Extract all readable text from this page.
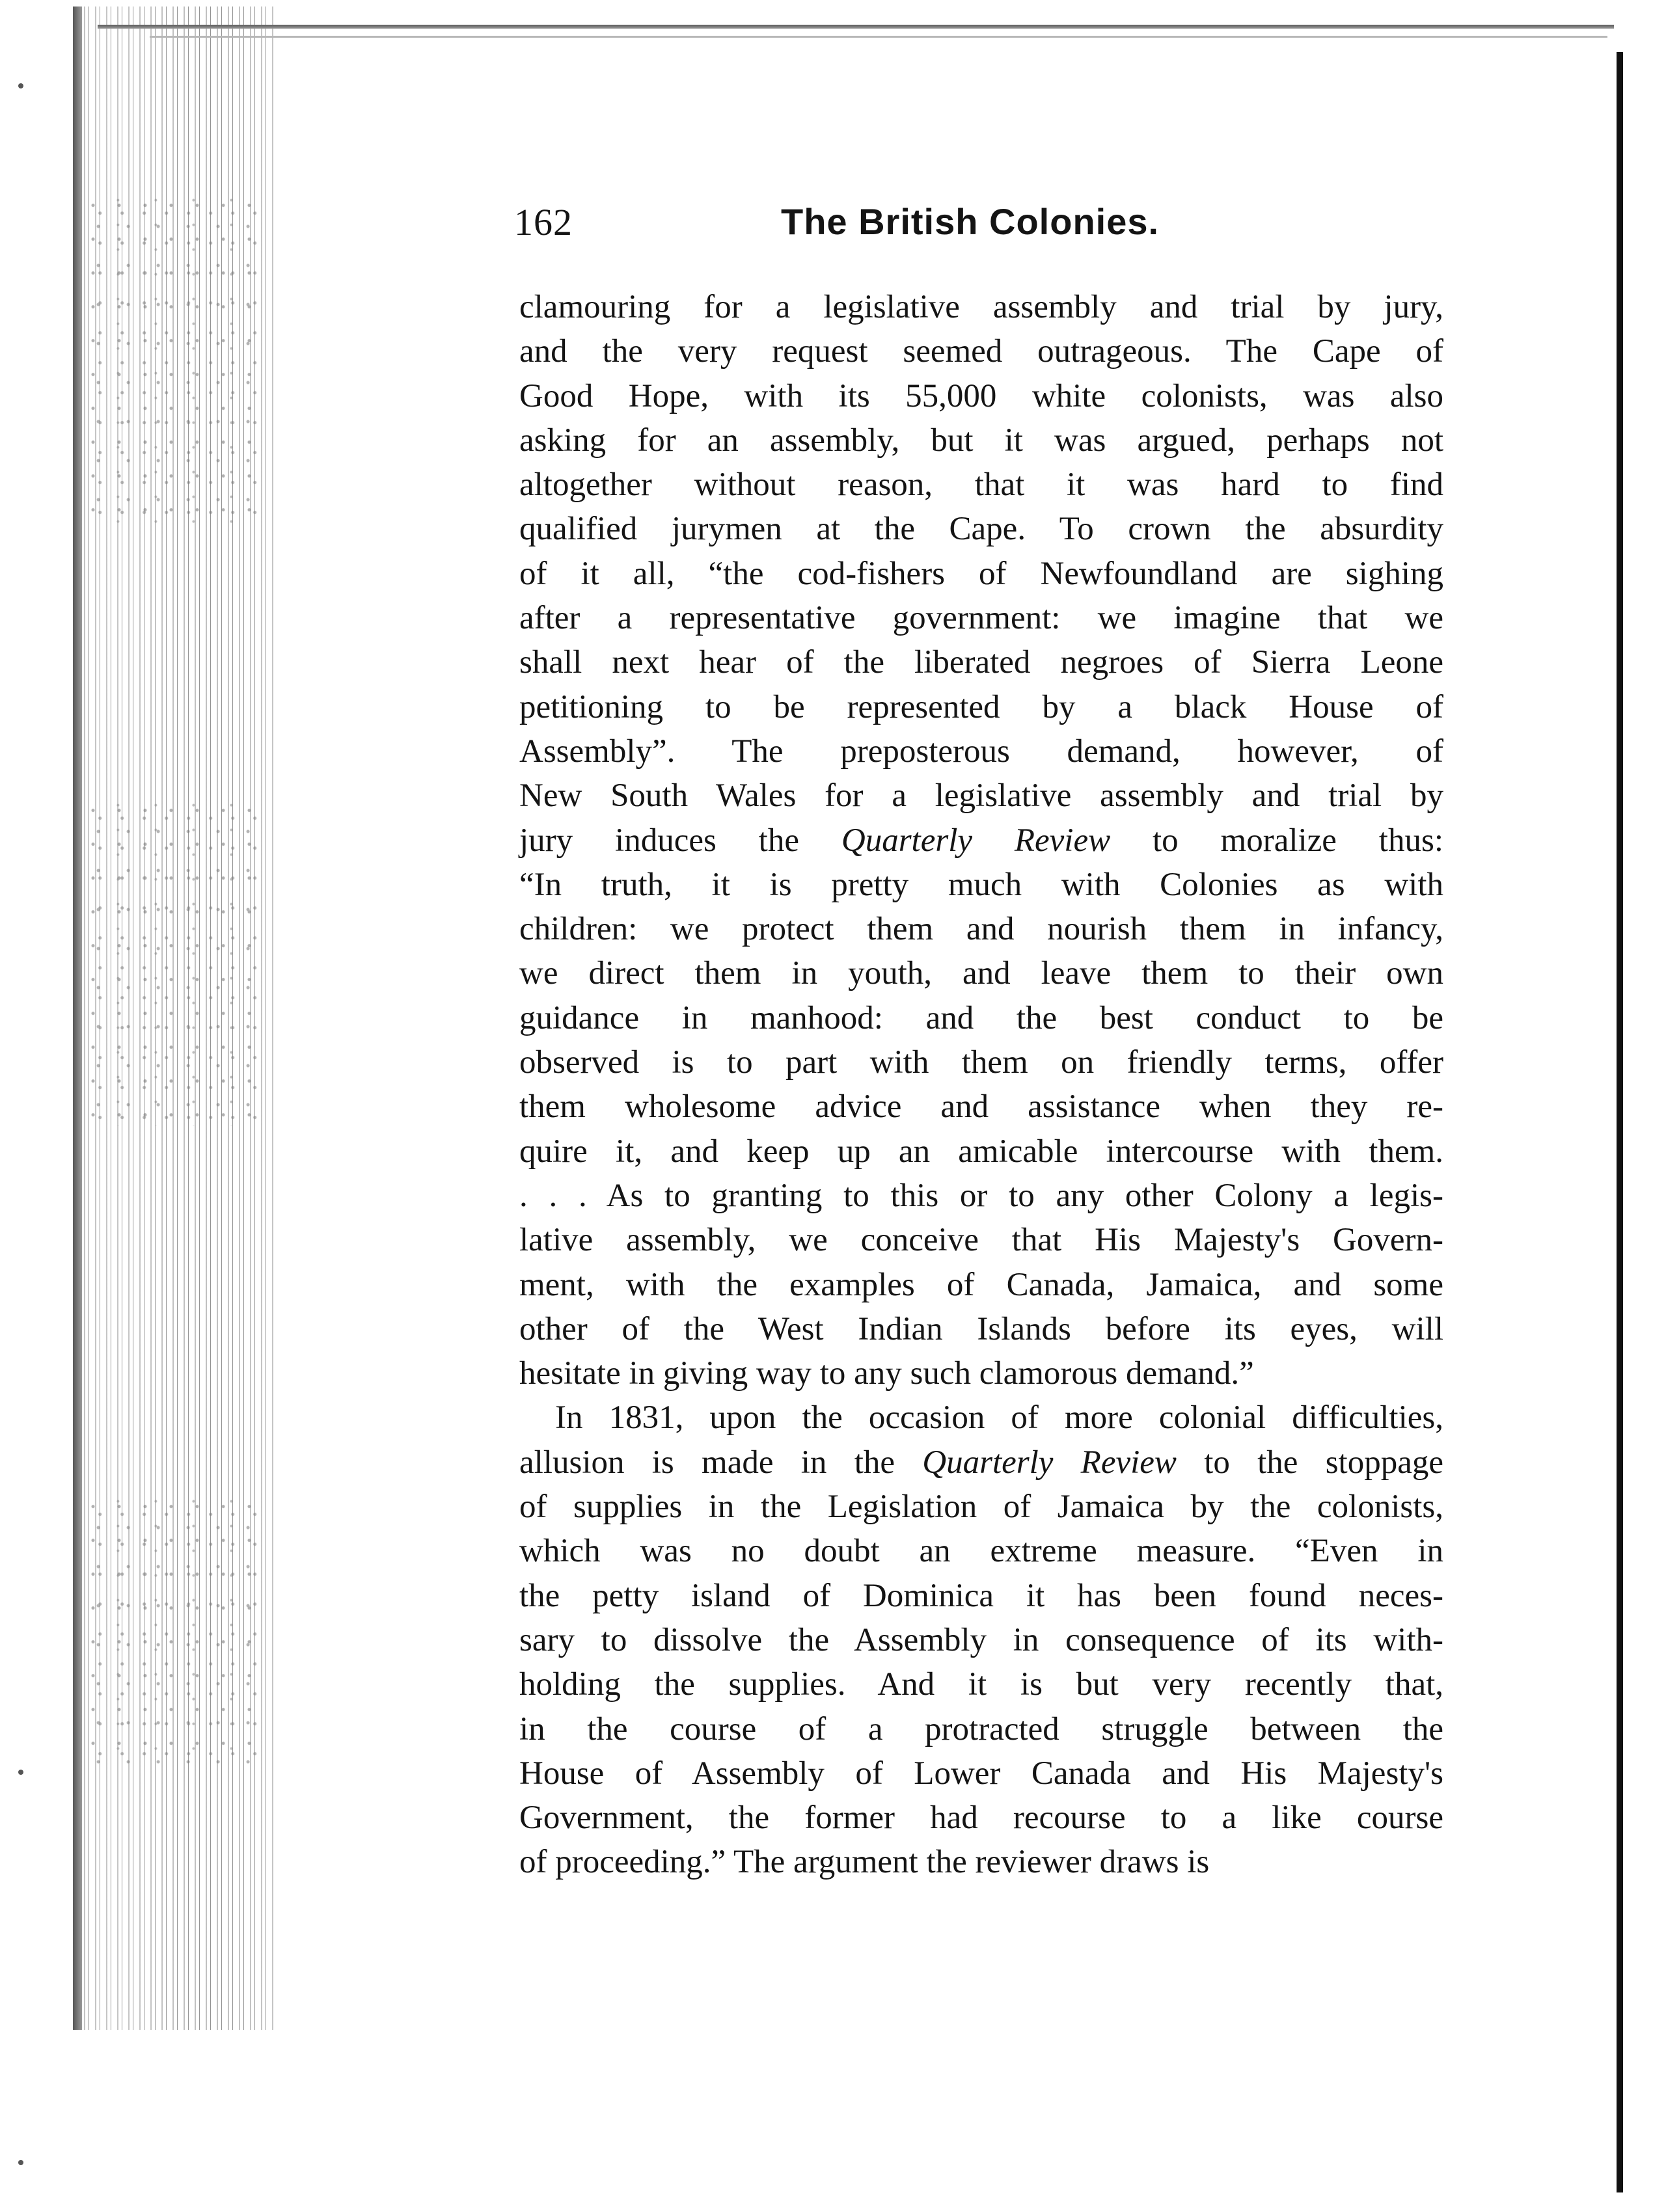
162	The British Colonies.
clamouring for a legislative assembly and trial by jury,
and the very request seemed outrageous. The Cape of
Good Hope, with its 55,000 white colonists, was also
asking for an assembly, but it was argued, perhaps not
altogether without reason, that it was hard to find
qualified jurymen at the Cape. To crown the absurdity
of it all, “the cod-fishers of Newfoundland are sighing
after a representative government: we imagine that we
shall next hear of the liberated negroes of Sierra Leone
petitioning to be represented by a black House of
Assembly”. The preposterous demand, however, of
New South Wales for a legislative assembly and trial by
jury induces the Quarterly Review to moralize thus:
“In truth, it is pretty much with Colonies as with
children: we protect them and nourish them in infancy,
we direct them in youth, and leave them to their own
guidance in manhood: and the best conduct to be
observed is to part with them on friendly terms, offer
them wholesome advice and assistance when they re-
quire it, and keep up an amicable intercourse with them.
. . . As to granting to this or to any other Colony a legis-
lative assembly, we conceive that His Majesty's Govern-
ment, with the examples of Canada, Jamaica, and some
other of the West Indian Islands before its eyes, will
hesitate in giving way to any such clamorous demand.”
In 1831, upon the occasion of more colonial difficulties,
allusion is made in the Quarterly Review to the stoppage
of supplies in the Legislation of Jamaica by the colonists,
which was no doubt an extreme measure. “Even in
the petty island of Dominica it has been found neces-
sary to dissolve the Assembly in consequence of its with-
holding the supplies. And it is but very recently that,
in the course of a protracted struggle between the
House of Assembly of Lower Canada and His Majesty's
Government, the former had recourse to a like course
of proceeding.” The argument the reviewer draws is
